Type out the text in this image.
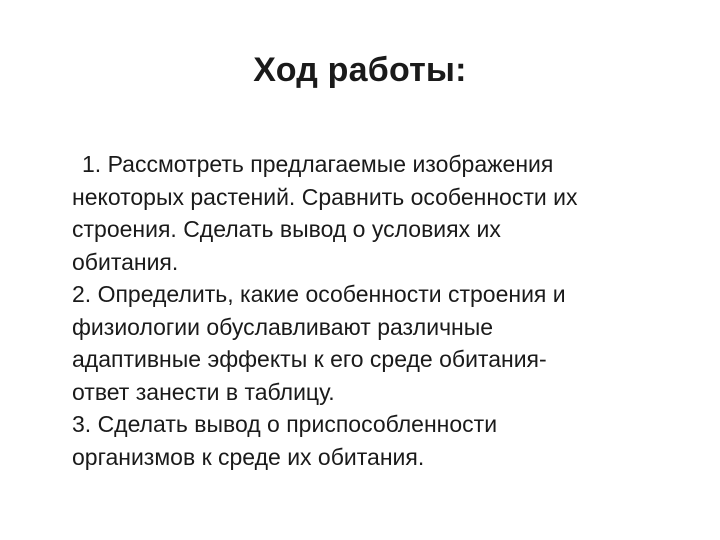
Ход работы:
1. Рассмотреть предлагаемые изображения
некоторых растений. Сравнить особенности их
строения. Сделать вывод о условиях их
обитания.
2. Определить, какие особенности строения и
физиологии обуславливают различные
адаптивные эффекты к его среде обитания-
ответ занести в таблицу.
3. Сделать вывод о приспособленности
организмов к среде их обитания.
